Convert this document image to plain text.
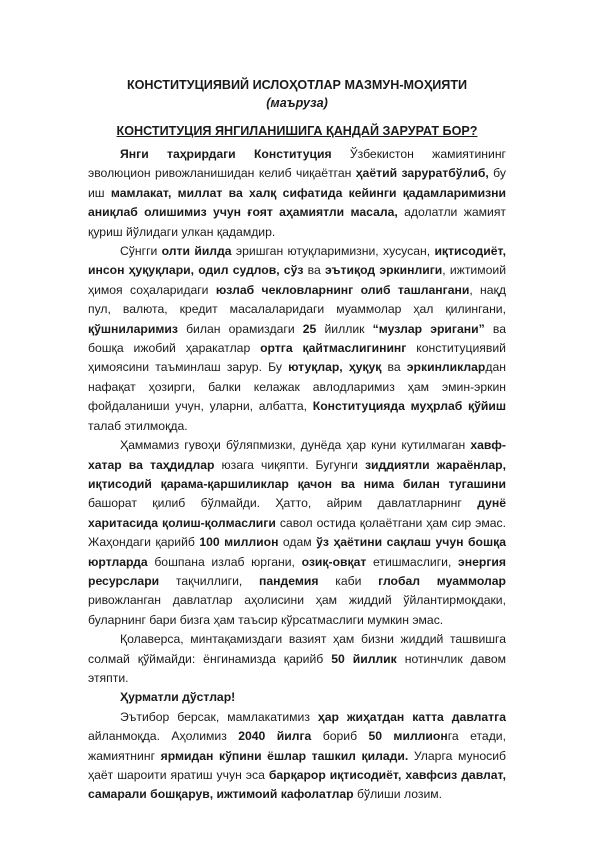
КОНСТИТУЦИЯВИЙ ИСЛОҲОТЛАР МАЗМУН-МОҲИЯТИ
(маъруза)
КОНСТИТУЦИЯ ЯНГИЛАНИШИГА ҚАНДАЙ ЗАРУРАТ БОР?

Янги таҳрирдаги Конституция Ўзбекистон жамиятининг эволюцион ривожланишидан келиб чиқаётган ҳаётий заруратбўлиб, бу иш мамлакат, миллат ва халқ сифатида кейинги қадамларимизни аниқлаб олишимиз учун ғоят аҳамиятли масала, адолатли жамият қуриш йўлидаги улкан қадамдир.

Сўнгги олти йилда эришган ютуқларимизни, хусусан, иқтисодиёт, инсон ҳуқуқлари, одил судлов, сўз ва эътиқод эркинлиги, ижтимоий ҳимоя соҳаларидаги юзлаб чекловларнинг олиб ташлангани, нақд пул, валюта, кредит масалаларидаги муаммолар ҳал қилингани, қўшниларимиз билан орамиздаги 25 йиллик “музлар эригани” ва бошқа ижобий ҳаракатлар ортга қайтмаслигининг конституциявий ҳимоясини таъминлаш зарур. Бу ютуқлар, ҳуқуқ ва эркинликлардан нафақат ҳозирги, балки келажак авлодларимиз ҳам эмин-эркин фойдаланиши учун, уларни, албатта, Конституцияда муҳрлаб қўйиш талаб этилмоқда.

Ҳаммамиз гувоҳи бўляпмизки, дунёда ҳар куни кутилмаган хавф-хатар ва таҳдидлар юзага чиқяпти. Бугунги зиддиятли жараёнлар, иқтисодий қарама-қаршиликлар қачон ва нима билан тугашини башорат қилиб бўлмайди. Ҳатто, айрим давлатларнинг дунё харитасида қолиш-қолмаслиги савол остида қолаётгани ҳам сир эмас. Жаҳондаги қарийб 100 миллион одам ўз ҳаётини сақлаш учун бошқа юртларда бошпана излаб юргани, озиқ-овқат етишмаслиги, энергия ресурслари тақчиллиги, пандемия каби глобал муаммолар ривожланган давлатлар аҳолисини ҳам жиддий ўйлантирмоқдаки, буларнинг бари бизга ҳам таъсир кўрсатмаслиги мумкин эмас.

Қолаверса, минтақамиздаги вазият ҳам бизни жиддий ташвишга солмай қўймайди: ёнгинамизда қарийб 50 йиллик нотинчлик давом этяпти.

Ҳурматли дўстлар!

Эътибор берсак, мамлакатимиз ҳар жиҳатдан катта давлатга айланмоқда. Аҳолимиз 2040 йилга бориб 50 миллионга етади, жамиятнинг ярмидан кўпини ёшлар ташкил қилади. Уларга муносиб ҳаёт шароити яратиш учун эса барқарор иқтисодиёт, хавфсиз давлат, самарали бошқарув, ижтимоий кафолатлар бўлиши лозим.
